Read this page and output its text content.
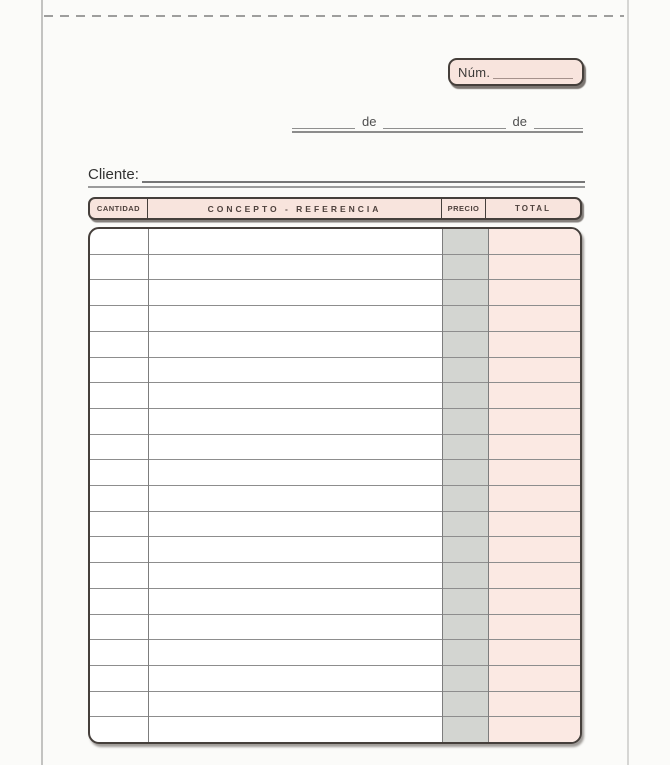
Núm.
de	de
Cliente:
CANTIDAD	CONCEPTO - REFERENCIA	PRECIO	TOTAL
